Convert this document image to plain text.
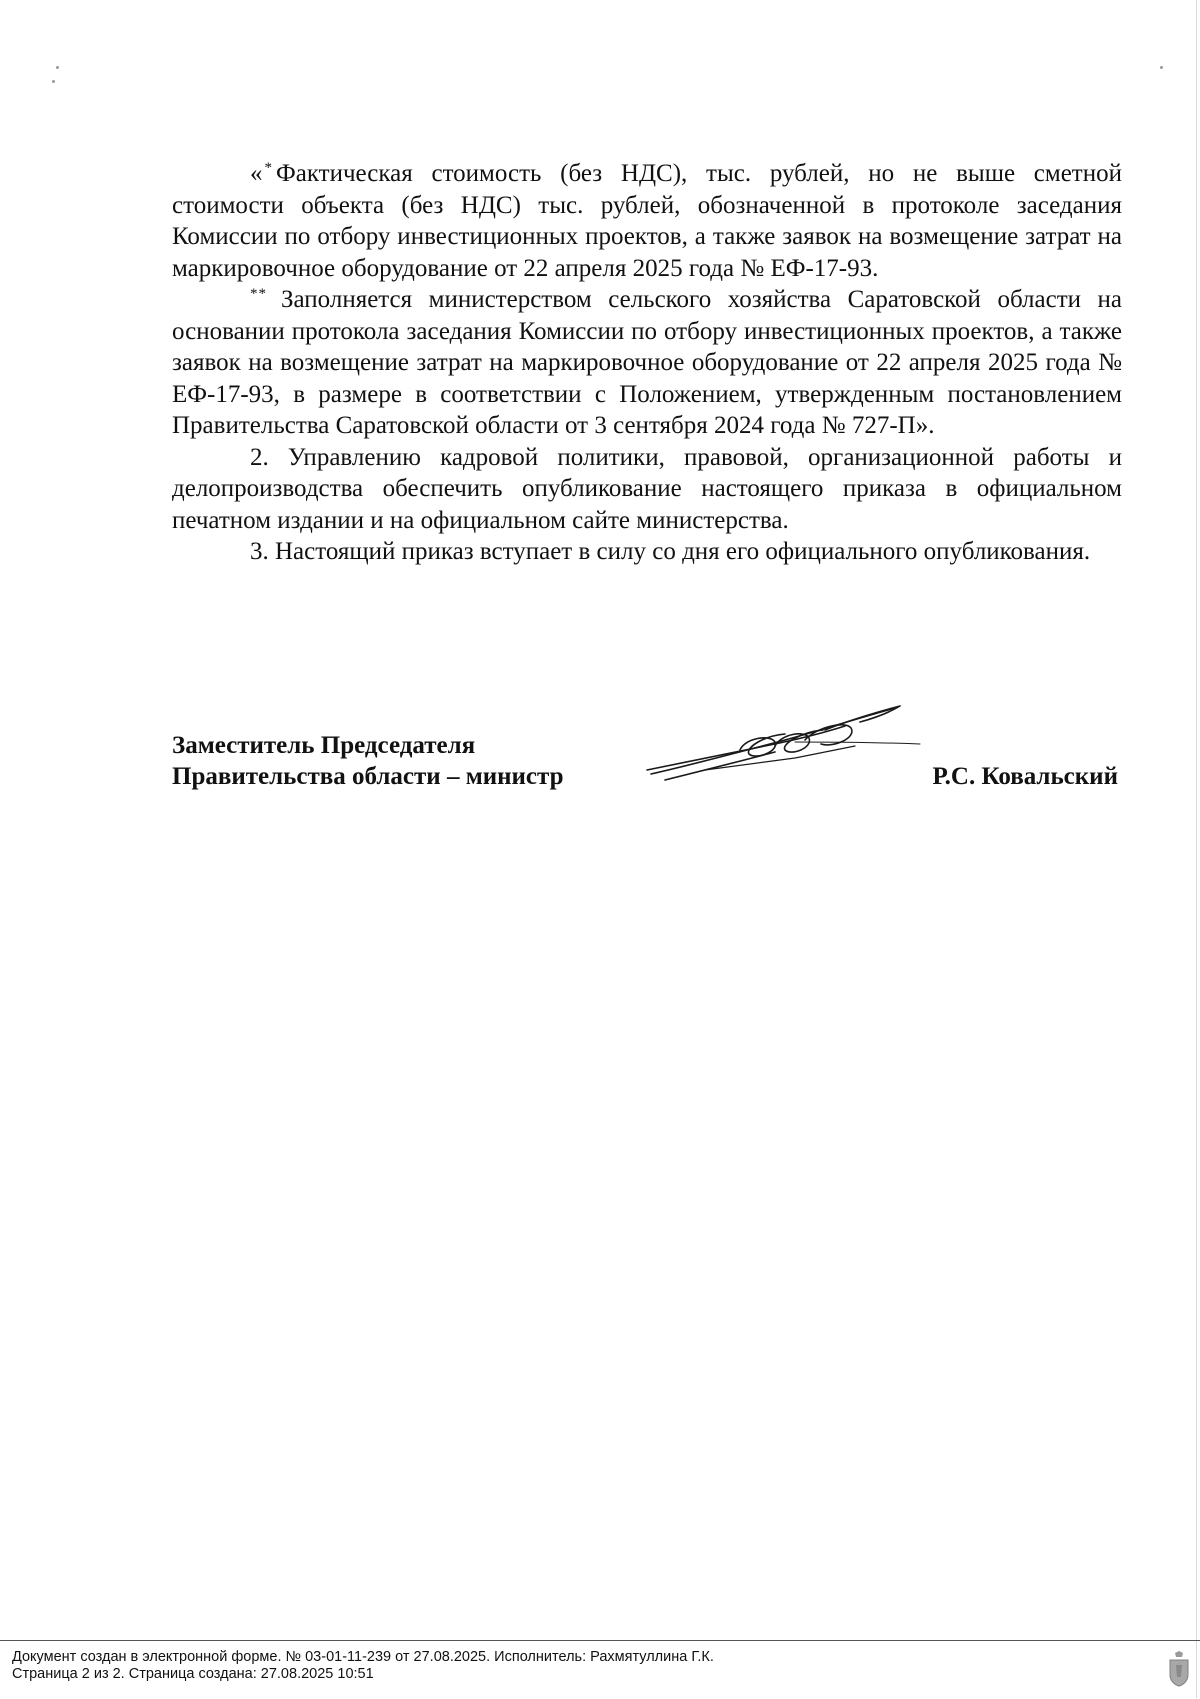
« * Фактическая стоимость (без НДС), тыс. рублей, но не выше сметной стоимости объекта (без НДС) тыс. рублей, обозначенной в протоколе заседания Комиссии по отбору инвестиционных проектов, а также заявок на возмещение затрат на маркировочное оборудование от 22 апреля 2025 года № ЕФ-17-93.

** Заполняется министерством сельского хозяйства Саратовской области на основании протокола заседания Комиссии по отбору инвестиционных проектов, а также заявок на возмещение затрат на маркировочное оборудование от 22 апреля 2025 года № ЕФ-17-93, в размере в соответствии с Положением, утвержденным постановлением Правительства Саратовской области от 3 сентября 2024 года № 727-П».

2. Управлению кадровой политики, правовой, организационной работы и делопроизводства обеспечить опубликование настоящего приказа в официальном печатном издании и на официальном сайте министерства.

3. Настоящий приказ вступает в силу со дня его официального опубликования.

Заместитель Председателя
Правительства области – министр	Р.С. Ковальский
Документ создан в электронной форме. № 03-01-11-239 от 27.08.2025. Исполнитель: Рахмятуллина Г.К.
Страница 2 из 2. Страница создана: 27.08.2025 10:51
